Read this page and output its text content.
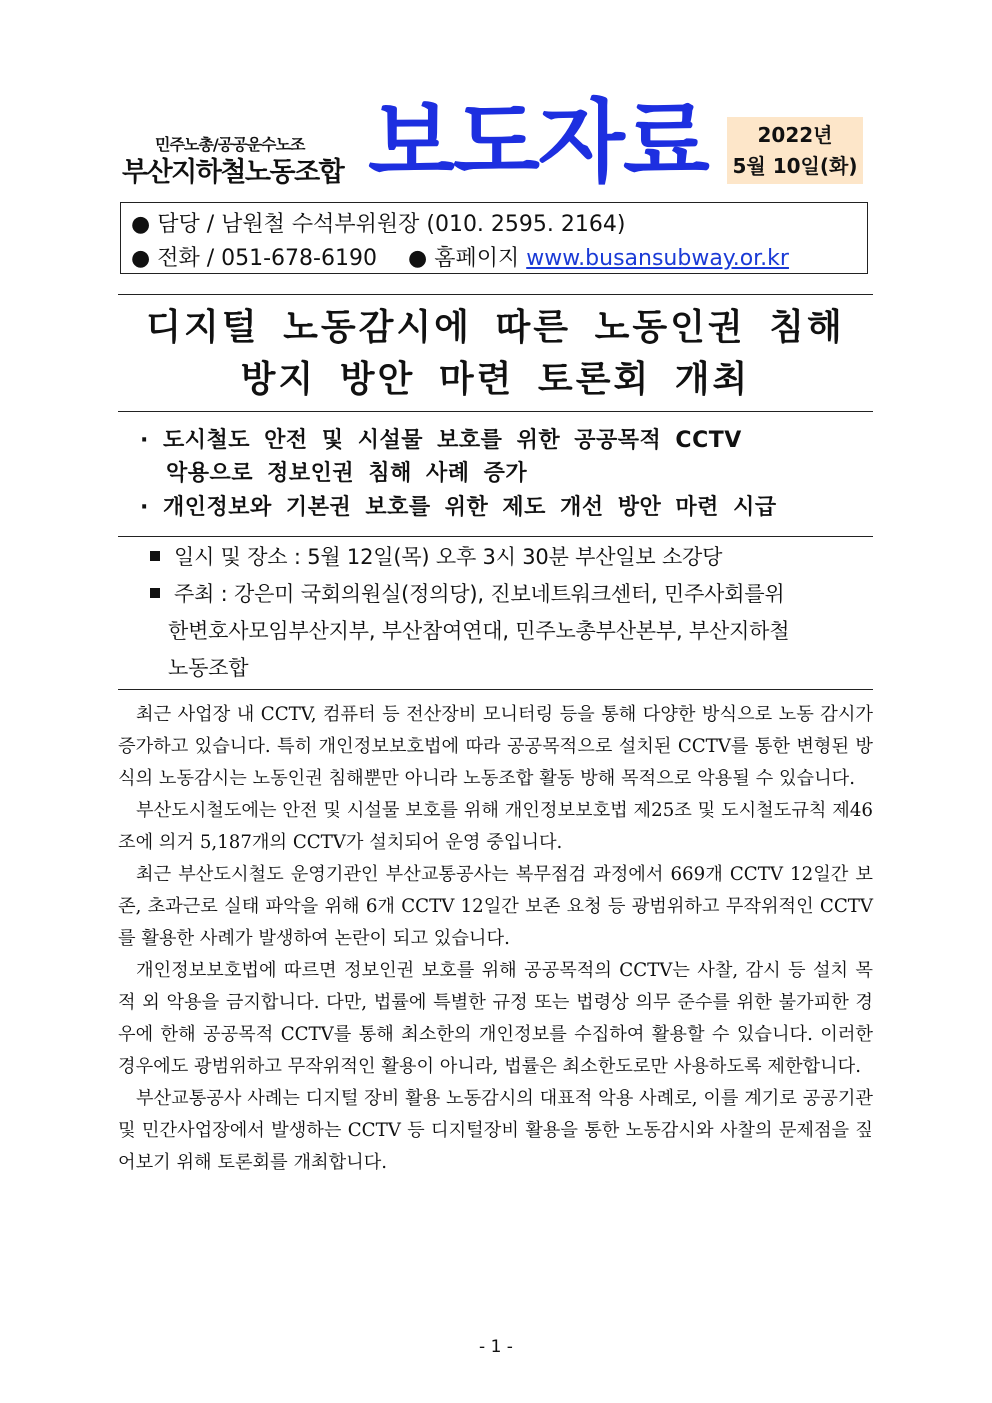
민주노총/공공운수노조
부산지하철노동조합 보도자료	2022년
5월 10일(화)
● 담당 / 남원철 수석부위원장 (010. 2595. 2164)
● 전화 / 051-678-6190 ● 홈페이지 www.busansubway.or.kr
디지털 노동감시에 따른 노동인권 침해
방지 방안 마련 토론회 개최
· 도시철도 안전 및 시설물 보호를 위한 공공목적 CCTV
악용으로 정보인권 침해 사례 증가
· 개인정보와 기본권 보호를 위한 제도 개선 방안 마련 시급
일시 및 장소 : 5월 12일(목) 오후 3시 30분 부산일보 소강당
주최 : 강은미 국회의원실(정의당), 진보네트워크센터, 민주사회를위
한변호사모임부산지부, 부산참여연대, 민주노총부산본부, 부산지하철
노동조합

최근 사업장 내 CCTV, 컴퓨터 등 전산장비 모니터링 등을 통해 다양한 방식으로 노동 감시가 증가하고 있습니다. 특히 개인정보보호법에 따라 공공목적으로 설치된 CCTV를 통한 변형된 방식의 노동감시는 노동인권 침해뿐만 아니라 노동조합 활동 방해 목적으로 악용될 수 있습니다.

부산도시철도에는 안전 및 시설물 보호를 위해 개인정보보호법 제25조 및 도시철도규칙 제46조에 의거 5,187개의 CCTV가 설치되어 운영 중입니다.

최근 부산도시철도 운영기관인 부산교통공사는 복무점검 과정에서 669개 CCTV 12일간 보존, 초과근로 실태 파악을 위해 6개 CCTV 12일간 보존 요청 등 광범위하고 무작위적인 CCTV를 활용한 사례가 발생하여 논란이 되고 있습니다.

개인정보보호법에 따르면 정보인권 보호를 위해 공공목적의 CCTV는 사찰, 감시 등 설치 목적 외 악용을 금지합니다. 다만, 법률에 특별한 규정 또는 법령상 의무 준수를 위한 불가피한 경우에 한해 공공목적 CCTV를 통해 최소한의 개인정보를 수집하여 활용할 수 있습니다. 이러한 경우에도 광범위하고 무작위적인 활용이 아니라, 법률은 최소한도로만 사용하도록 제한합니다.

부산교통공사 사례는 디지털 장비 활용 노동감시의 대표적 악용 사례로, 이를 계기로 공공기관 및 민간사업장에서 발생하는 CCTV 등 디지털장비 활용을 통한 노동감시와 사찰의 문제점을 짚어보기 위해 토론회를 개최합니다.

- 1 -
